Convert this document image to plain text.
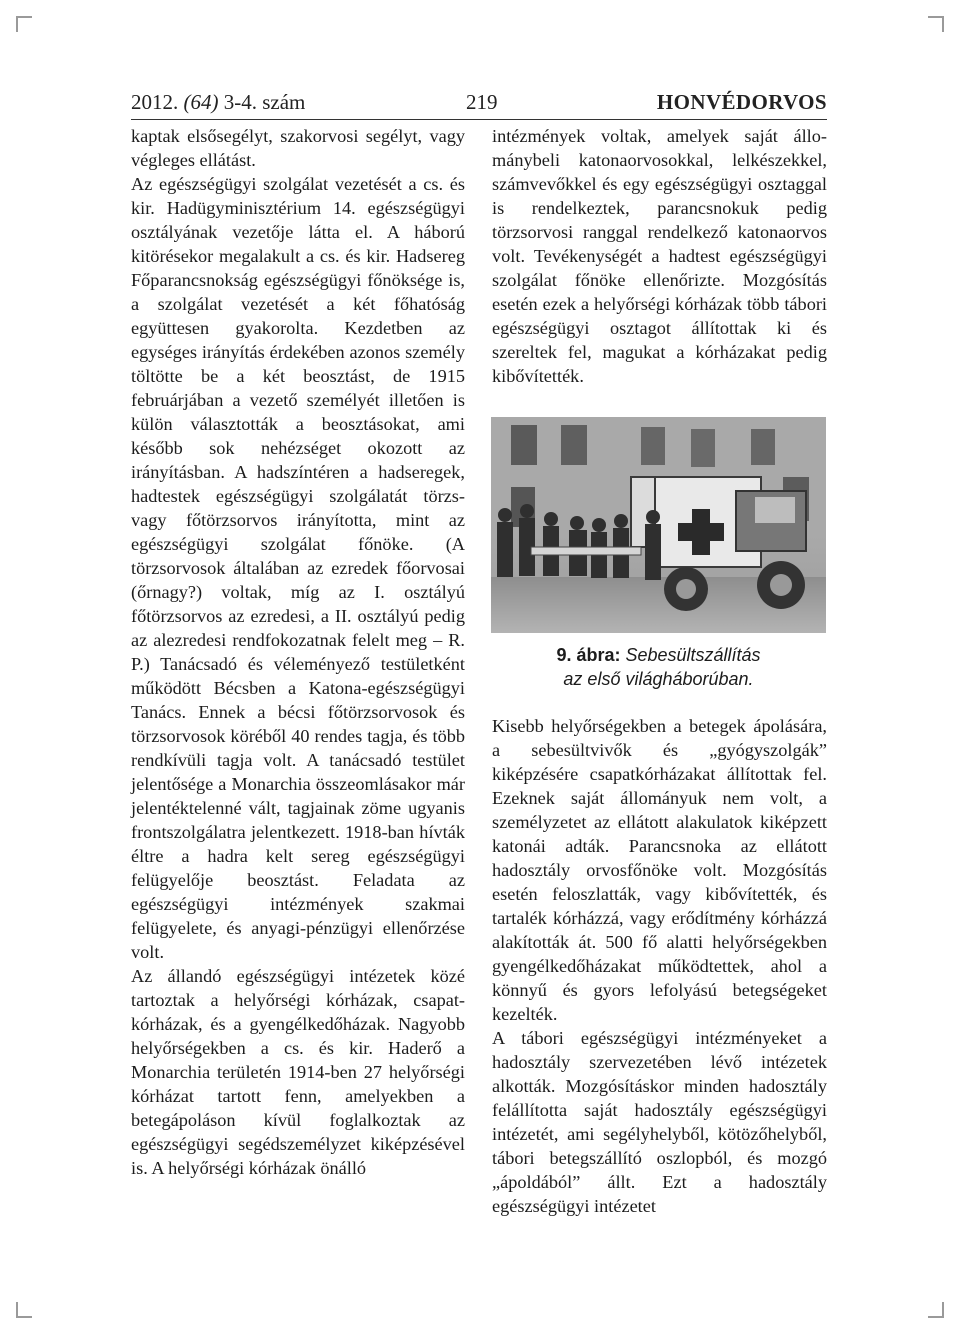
2012. (64) 3-4. szám	219	HONVÉDORVOS

kaptak elsősegélyt, szakorvosi segélyt, vagy végleges ellátást.

Az egészségügyi szolgálat vezetését a cs. és kir. Hadügyminisztérium 14. egészségügyi osztályának vezetője látta el. A háború kitörésekor megalakult a cs. és kir. Hadsereg Főparancsnokság egészségügyi főnöksége is, a szolgálat vezetését a két főhatóság együttesen gyakorolta. Kezdetben az egységes irányítás érdekében azonos személy töltötte be a két beosztást, de 1915 februárjában a vezető személyét illetően is külön választották a beosztásokat, ami később sok nehézséget okozott az irányításban. A hadszíntéren a hadseregek, hadtestek egészségügyi szolgálatát törzs- vagy főtörzsorvos irányította, mint az egészségügyi szolgálat főnöke. (A törzsorvosok általában az ezredek főorvosai (őrnagy?) voltak, míg az I. osztályú főtörzsorvos az ezredesi, a II. osztályú pedig az alezredesi rendfokozatnak felelt meg – R. P.) Tanácsadó és véleményező testületként működött Bécsben a Katona-egészségügyi Tanács. Ennek a bécsi főtörzsorvosok és törzsorvosok köréből 40 rendes tagja, és több rendkívüli tagja volt. A tanácsadó testület jelentősége a Monarchia összeomlásakor már jelentéktelenné vált, tagjainak zöme ugyanis frontszolgálatra jelentkezett. 1918-ban hívták éltre a hadra kelt sereg egészségügyi felügyelője beosztást. Feladata az egészségügyi intézmények szakmai felügyelete, és anyagi-pénzügyi ellenőrzése volt.

Az állandó egészségügyi intézetek közé tartoztak a helyőrségi kórházak, csapatkórházak, és a gyengélkedőházak. Nagyobb helyőrségekben a cs. és kir. Haderő a Monarchia területén 1914-ben 27 helyőrségi kórházat tartott fenn, amelyekben a betegápoláson kívül foglalkoztak az egészségügyi segédszemélyzet kiképzésével is. A helyőrségi kórházak önálló

intézmények voltak, amelyek saját állománybeli katonaorvosokkal, lelkészekkel, számvevőkkel és egy egészségügyi osztaggal is rendelkeztek, parancsnokuk pedig törzsorvosi ranggal rendelkező katonaorvos volt. Tevékenységét a hadtest egészségügyi szolgálat főnöke ellenőrizte. Mozgósítás esetén ezek a helyőrségi kórházak több tábori egészségügyi osztagot állítottak ki és szereltek fel, magukat a kórházakat pedig kibővítették.

9. ábra: Sebesültszállítás
az első világháborúban.

Kisebb helyőrségekben a betegek ápolására, a sebesültvivők és „gyógyszolgák” kiképzésére csapatkórházakat állítottak fel. Ezeknek saját állományuk nem volt, a személyzetet az ellátott alakulatok kiképzett katonái adták. Parancsnoka az ellátott hadosztály orvosfőnöke volt. Mozgósítás esetén feloszlatták, vagy kibővítették, és tartalék kórházzá, vagy erődítmény kórházzá alakították át. 500 fő alatti helyőrségekben gyengélkedőházakat működtettek, ahol a könnyű és gyors lefolyású betegségeket kezelték.

A tábori egészségügyi intézményeket a hadosztály szervezetében lévő intézetek alkották. Mozgósításkor minden hadosztály felállította saját hadosztály egészségügyi intézetét, ami segélyhelyből, kötözőhelyből, tábori betegszállító oszlopból, és mozgó „ápoldából” állt. Ezt a hadosztály egészségügyi intézetet
